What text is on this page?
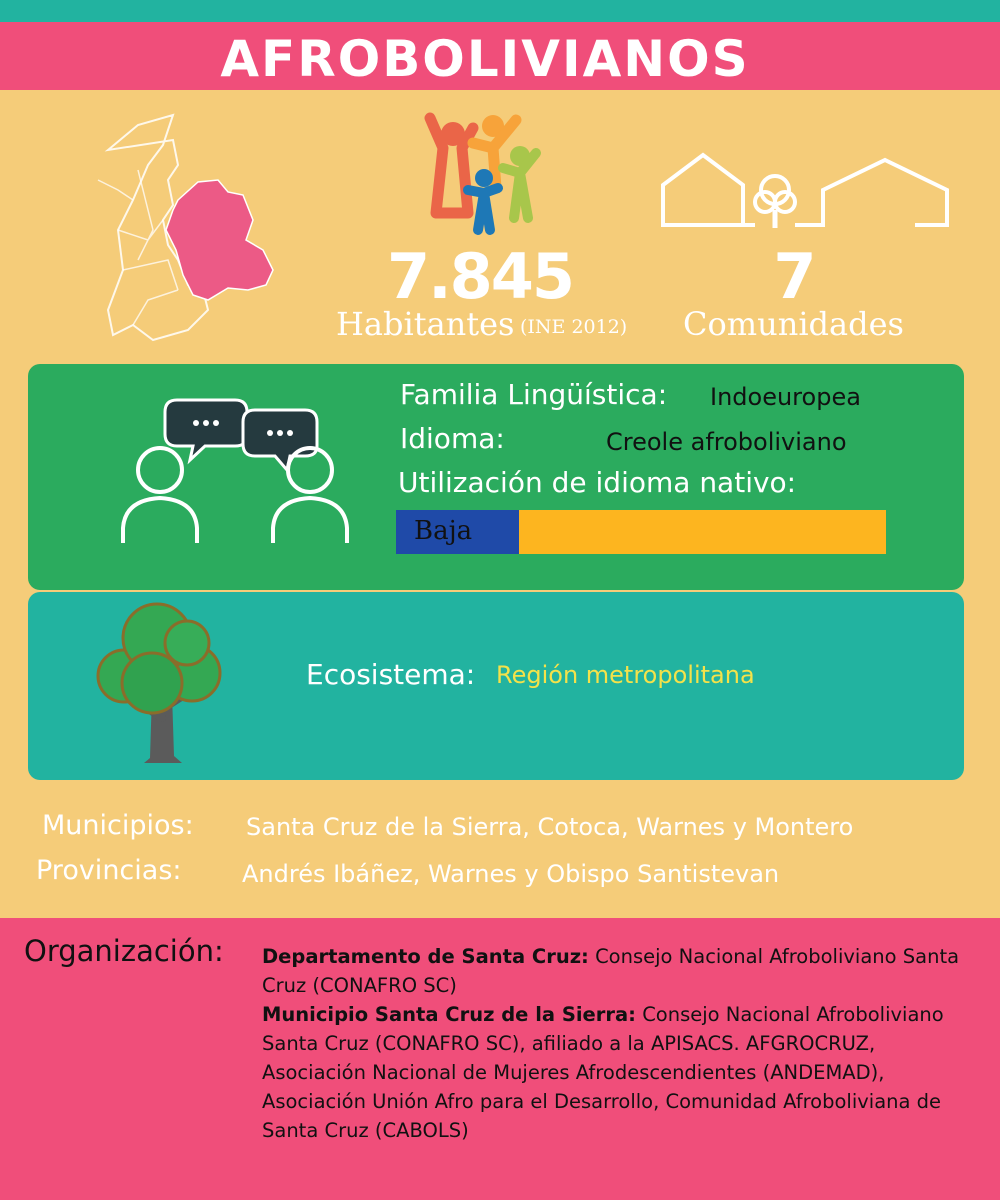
AFROBOLIVIANOS
7.845	7
Habitantes (INE 2012) Comunidades
Familia Lingüística: Indoeuropea
Idioma:	Creole afroboliviano
Utilización de idioma nativo:
Baja
Ecosistema: Región metropolitana
Municipios: Santa Cruz de la Sierra, Cotoca, Warnes y Montero
Provincias:	Andrés Ibáñez, Warnes y Obispo Santistevan
Organización: Departamento de Santa Cruz: Consejo Nacional Afroboliviano Santa Cruz (CONAFRO SC)
Municipio Santa Cruz de la Sierra: Consejo Nacional Afroboliviano Santa Cruz (CONAFRO SC), afiliado a la APISACS. AFGROCRUZ, Asociación Nacional de Mujeres Afrodescendientes (ANDEMAD), Asociación Unión Afro para el Desarrollo, Comunidad Afroboliviana de Santa Cruz (CABOLS)
